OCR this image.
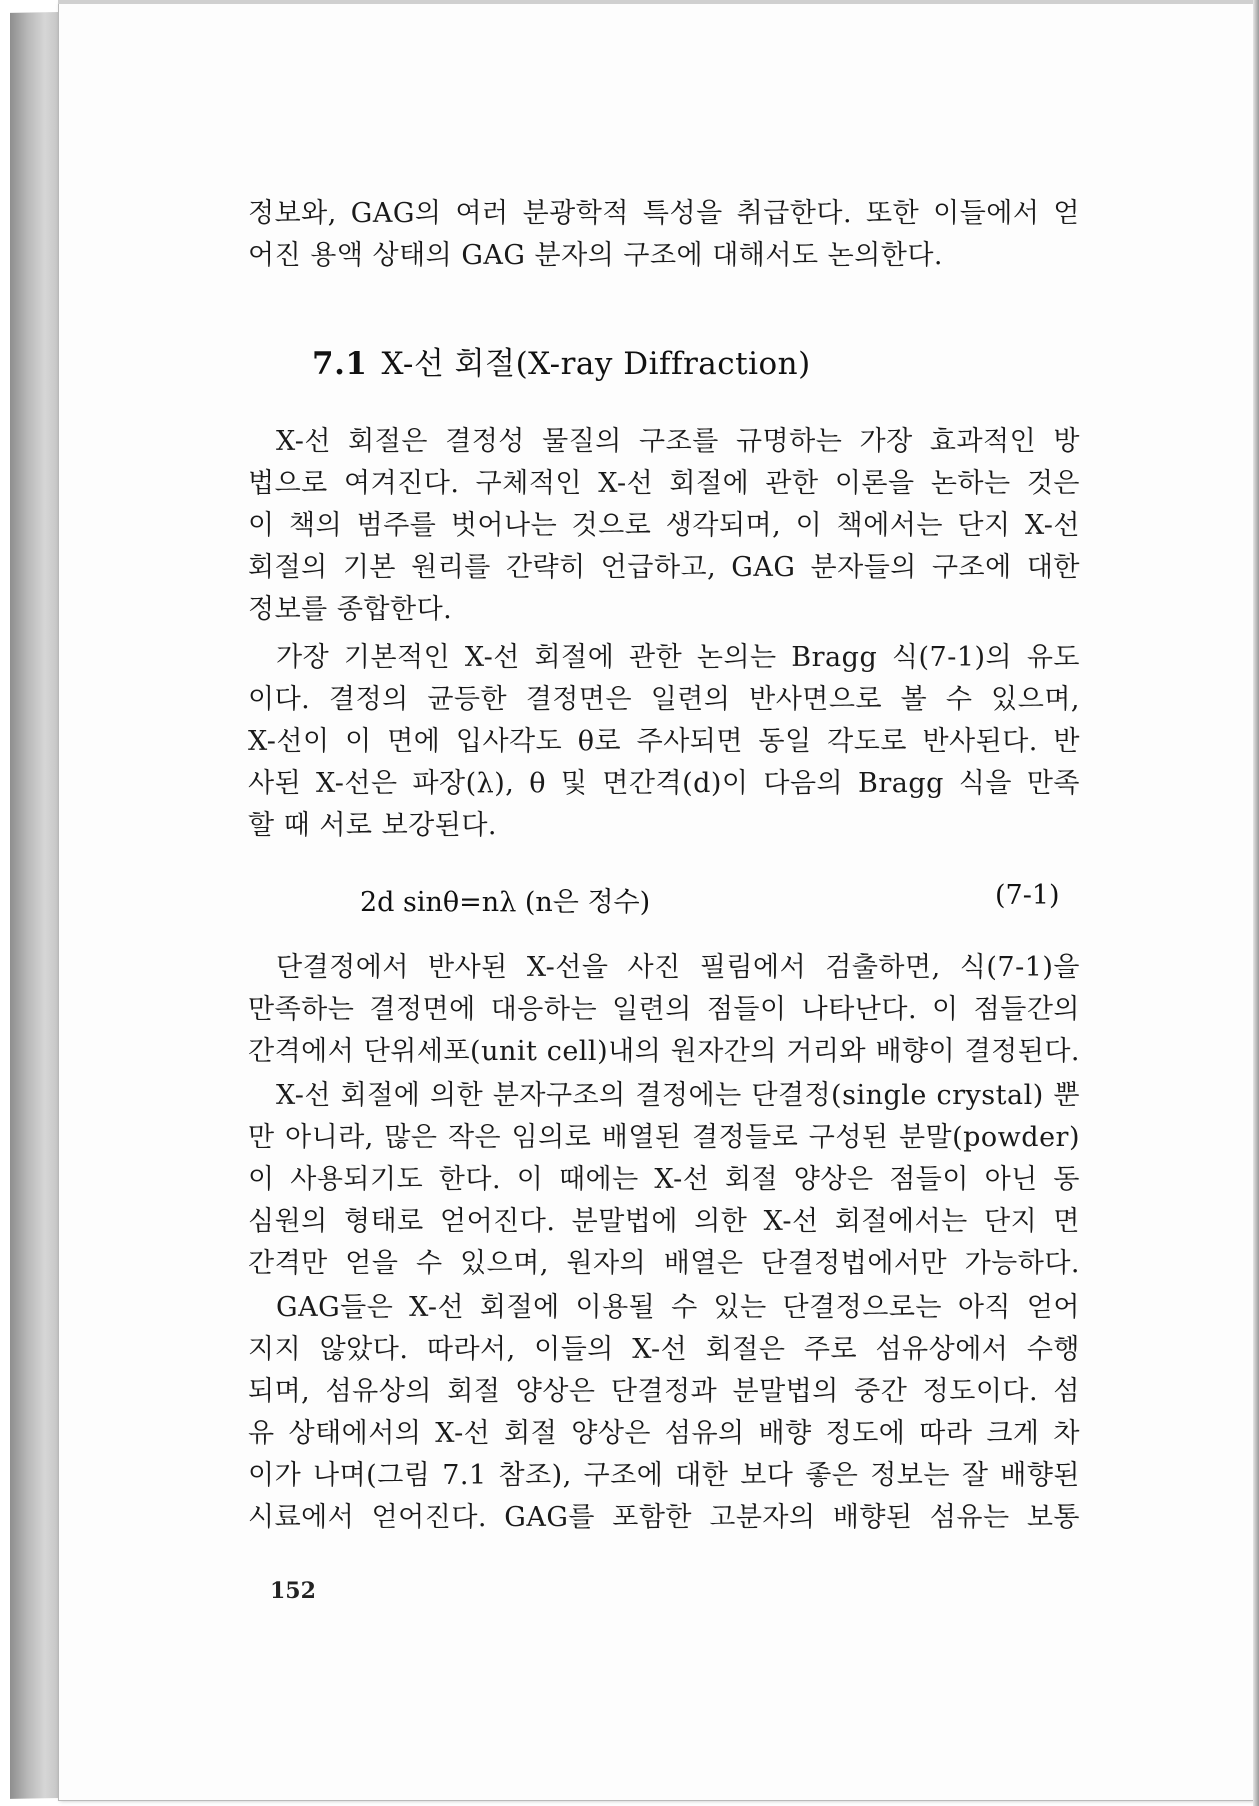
정보와, GAG의 여러 분광학적 특성을 취급한다. 또한 이들에서 얻
어진 용액 상태의 GAG 분자의 구조에 대해서도 논의한다.
7.1 X-선 회절(X-ray Diffraction)
X-선 회절은 결정성 물질의 구조를 규명하는 가장 효과적인 방
법으로 여겨진다. 구체적인 X-선 회절에 관한 이론을 논하는 것은
이 책의 범주를 벗어나는 것으로 생각되며, 이 책에서는 단지 X-선
회절의 기본 원리를 간략히 언급하고, GAG 분자들의 구조에 대한
정보를 종합한다.
가장 기본적인 X-선 회절에 관한 논의는 Bragg 식(7-1)의 유도
이다. 결정의 균등한 결정면은 일련의 반사면으로 볼 수 있으며,
X-선이 이 면에 입사각도 θ로 주사되면 동일 각도로 반사된다. 반
사된 X-선은 파장(λ), θ 및 면간격(d)이 다음의 Bragg 식을 만족
할 때 서로 보강된다.
2d sinθ=nλ (n은 정수)	(7-1)
단결정에서 반사된 X-선을 사진 필림에서 검출하면, 식(7-1)을
만족하는 결정면에 대응하는 일련의 점들이 나타난다. 이 점들간의
간격에서 단위세포(unit cell)내의 원자간의 거리와 배향이 결정된다.
X-선 회절에 의한 분자구조의 결정에는 단결정(single crystal) 뿐
만 아니라, 많은 작은 임의로 배열된 결정들로 구성된 분말(powder)
이 사용되기도 한다. 이 때에는 X-선 회절 양상은 점들이 아닌 동
심원의 형태로 얻어진다. 분말법에 의한 X-선 회절에서는 단지 면
간격만 얻을 수 있으며, 원자의 배열은 단결정법에서만 가능하다.
GAG들은 X-선 회절에 이용될 수 있는 단결정으로는 아직 얻어
지지 않았다. 따라서, 이들의 X-선 회절은 주로 섬유상에서 수행
되며, 섬유상의 회절 양상은 단결정과 분말법의 중간 정도이다. 섬
유 상태에서의 X-선 회절 양상은 섬유의 배향 정도에 따라 크게 차
이가 나며(그림 7.1 참조), 구조에 대한 보다 좋은 정보는 잘 배향된
시료에서 얻어진다. GAG를 포함한 고분자의 배향된 섬유는 보통
152
